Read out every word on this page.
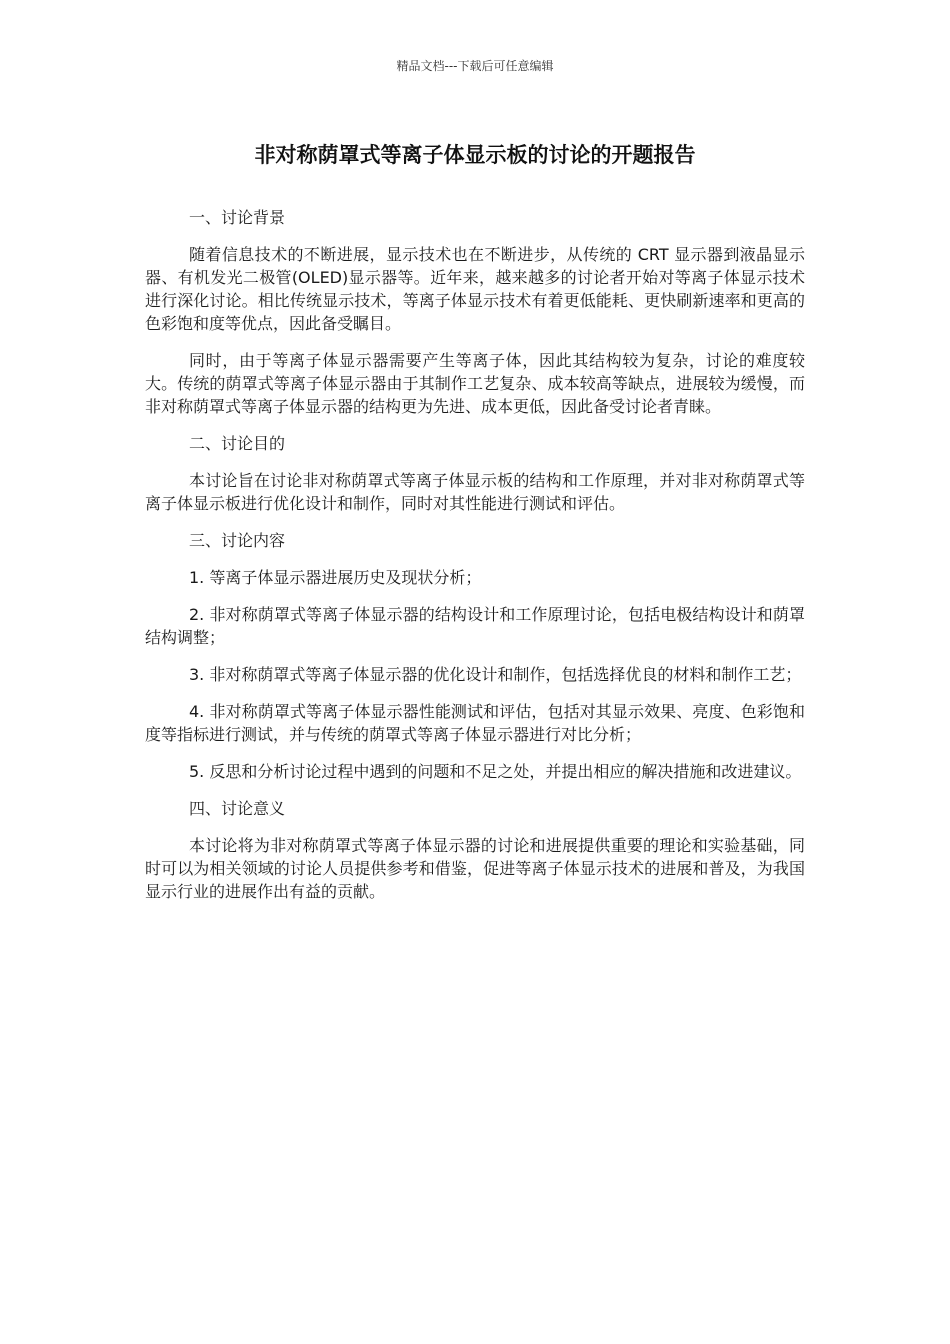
精品文档---下载后可任意编辑
非对称荫罩式等离子体显示板的讨论的开题报告

一、讨论背景

随着信息技术的不断进展，显示技术也在不断进步，从传统的 CRT 显示器到液晶显示器、有机发光二极管(OLED)显示器等。近年来，越来越多的讨论者开始对等离子体显示技术进行深化讨论。相比传统显示技术，等离子体显示技术有着更低能耗、更快刷新速率和更高的色彩饱和度等优点，因此备受瞩目。

同时，由于等离子体显示器需要产生等离子体，因此其结构较为复杂，讨论的难度较大。传统的荫罩式等离子体显示器由于其制作工艺复杂、成本较高等缺点，进展较为缓慢，而非对称荫罩式等离子体显示器的结构更为先进、成本更低，因此备受讨论者青睐。

二、讨论目的

本讨论旨在讨论非对称荫罩式等离子体显示板的结构和工作原理，并对非对称荫罩式等离子体显示板进行优化设计和制作，同时对其性能进行测试和评估。

三、讨论内容

1. 等离子体显示器进展历史及现状分析；

2. 非对称荫罩式等离子体显示器的结构设计和工作原理讨论，包括电极结构设计和荫罩结构调整；

3. 非对称荫罩式等离子体显示器的优化设计和制作，包括选择优良的材料和制作工艺；

4. 非对称荫罩式等离子体显示器性能测试和评估，包括对其显示效果、亮度、色彩饱和度等指标进行测试，并与传统的荫罩式等离子体显示器进行对比分析；

5. 反思和分析讨论过程中遇到的问题和不足之处，并提出相应的解决措施和改进建议。

四、讨论意义

本讨论将为非对称荫罩式等离子体显示器的讨论和进展提供重要的理论和实验基础，同时可以为相关领域的讨论人员提供参考和借鉴，促进等离子体显示技术的进展和普及，为我国显示行业的进展作出有益的贡献。
